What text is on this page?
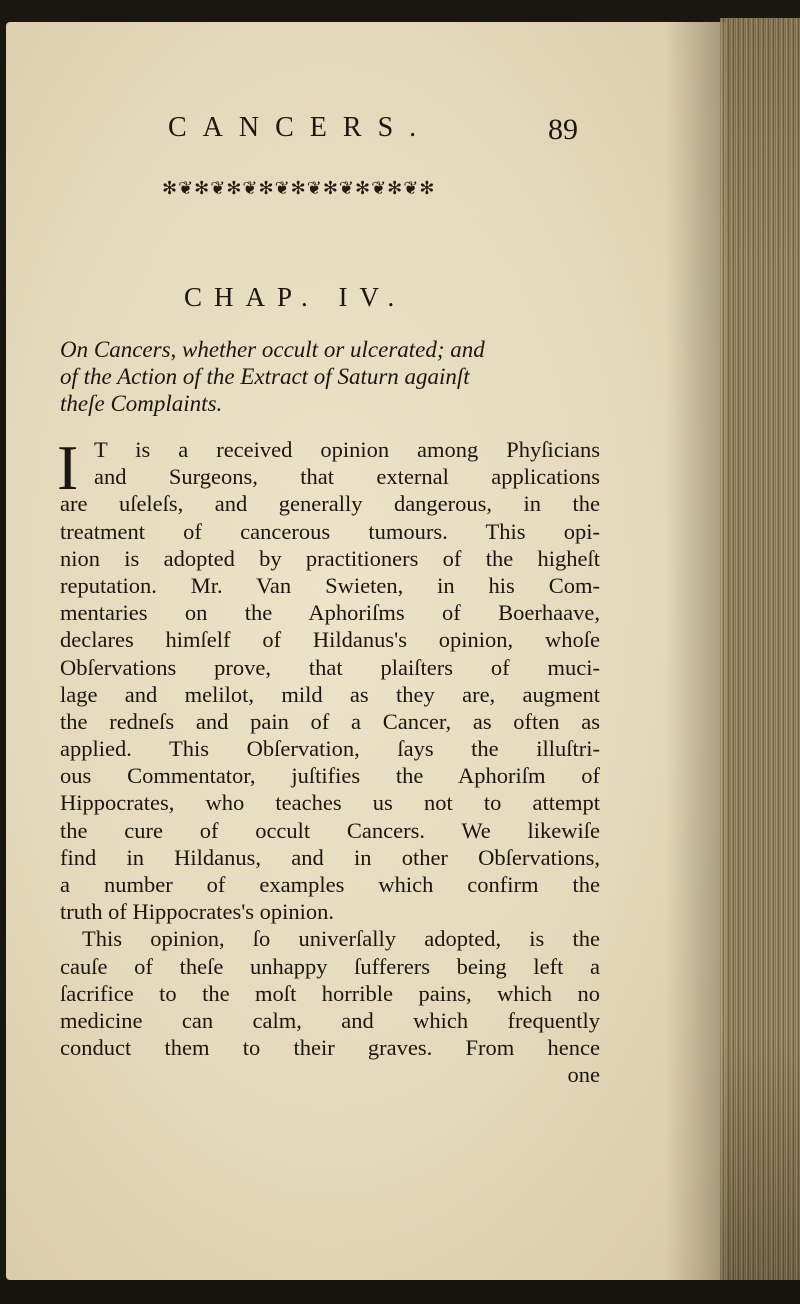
CANCERS.	89
✻❦✻❦✻❦✻❦✻❦✻❦✻❦✻❦✻
CHAP. IV.
On Cancers, whether occult or ulcerated; and
of the Action of the Extract of Saturn againſt
theſe Complaints.
I T is a received opinion among Phyſicians
and Surgeons, that external applications
are uſeleſs, and generally dangerous, in the
treatment of cancerous tumours. This opi-
nion is adopted by practitioners of the higheſt
reputation. Mr. Van Swieten, in his Com-
mentaries on the Aphoriſms of Boerhaave,
declares himſelf of Hildanus's opinion, whoſe
Obſervations prove, that plaiſters of muci-
lage and melilot, mild as they are, augment
the redneſs and pain of a Cancer, as often as
applied. This Obſervation, ſays the illuſtri-
ous Commentator, juſtifies the Aphoriſm of
Hippocrates, who teaches us not to attempt
the cure of occult Cancers. We likewiſe
find in Hildanus, and in other Obſervations,
a number of examples which confirm the
truth of Hippocrates's opinion.
This opinion, ſo univerſally adopted, is the
cauſe of theſe unhappy ſufferers being left a
ſacrifice to the moſt horrible pains, which no
medicine can calm, and which frequently
conduct them to their graves. From hence
one
